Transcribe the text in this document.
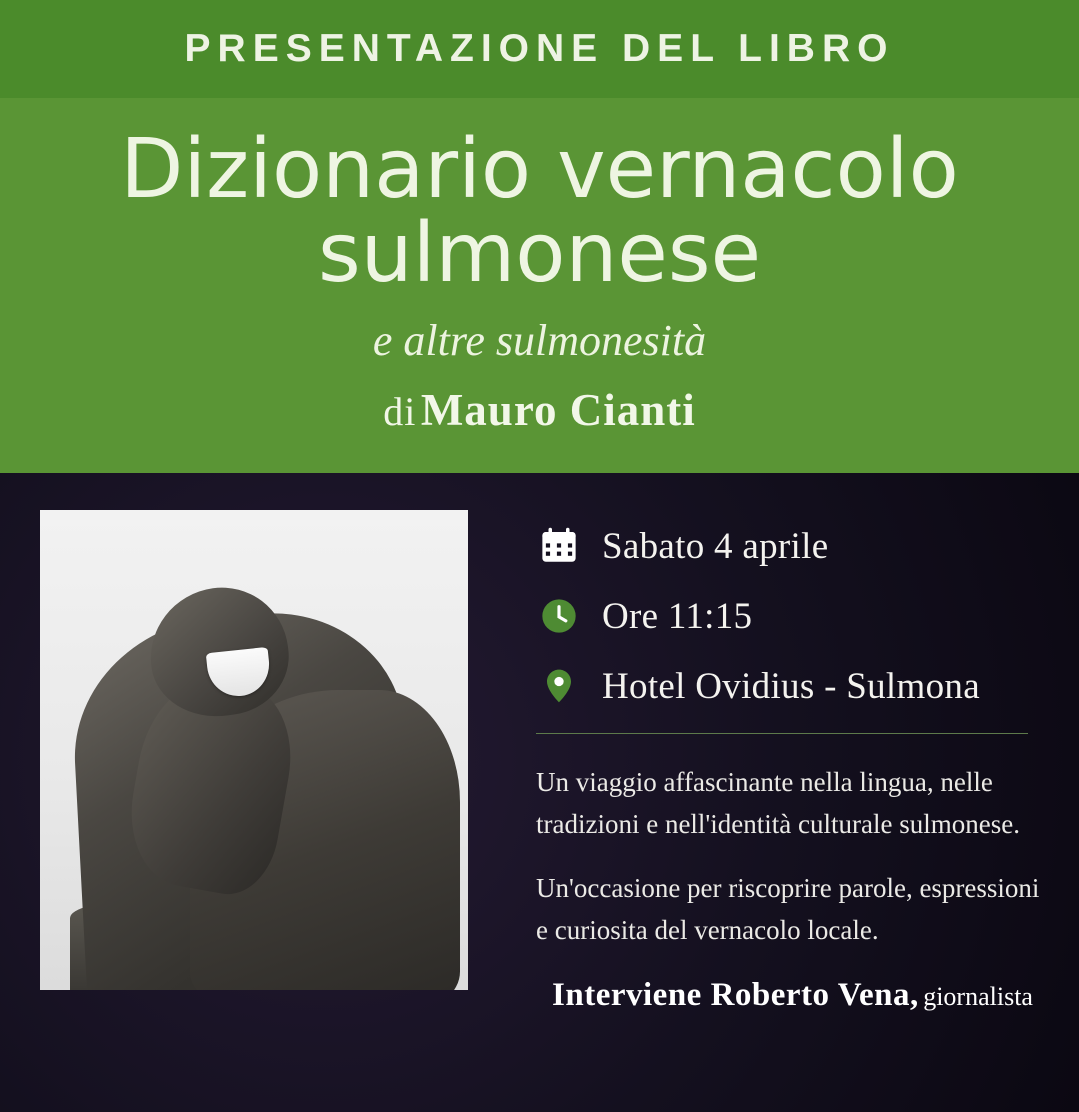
PRESENTAZIONE DEL LIBRO
Dizionario vernacolo
sulmonese
e altre sulmonesità
di Mauro Cianti
Sabato 4 aprile
Ore 11:15
Hotel Ovidius - Sulmona

Un viaggio affascinante nella lingua, nelle tradizioni e nell'identità culturale sulmonese.

Un'occasione per riscoprire parole, espressioni e curiosita del vernacolo locale.

Interviene Roberto Vena, giornalista
